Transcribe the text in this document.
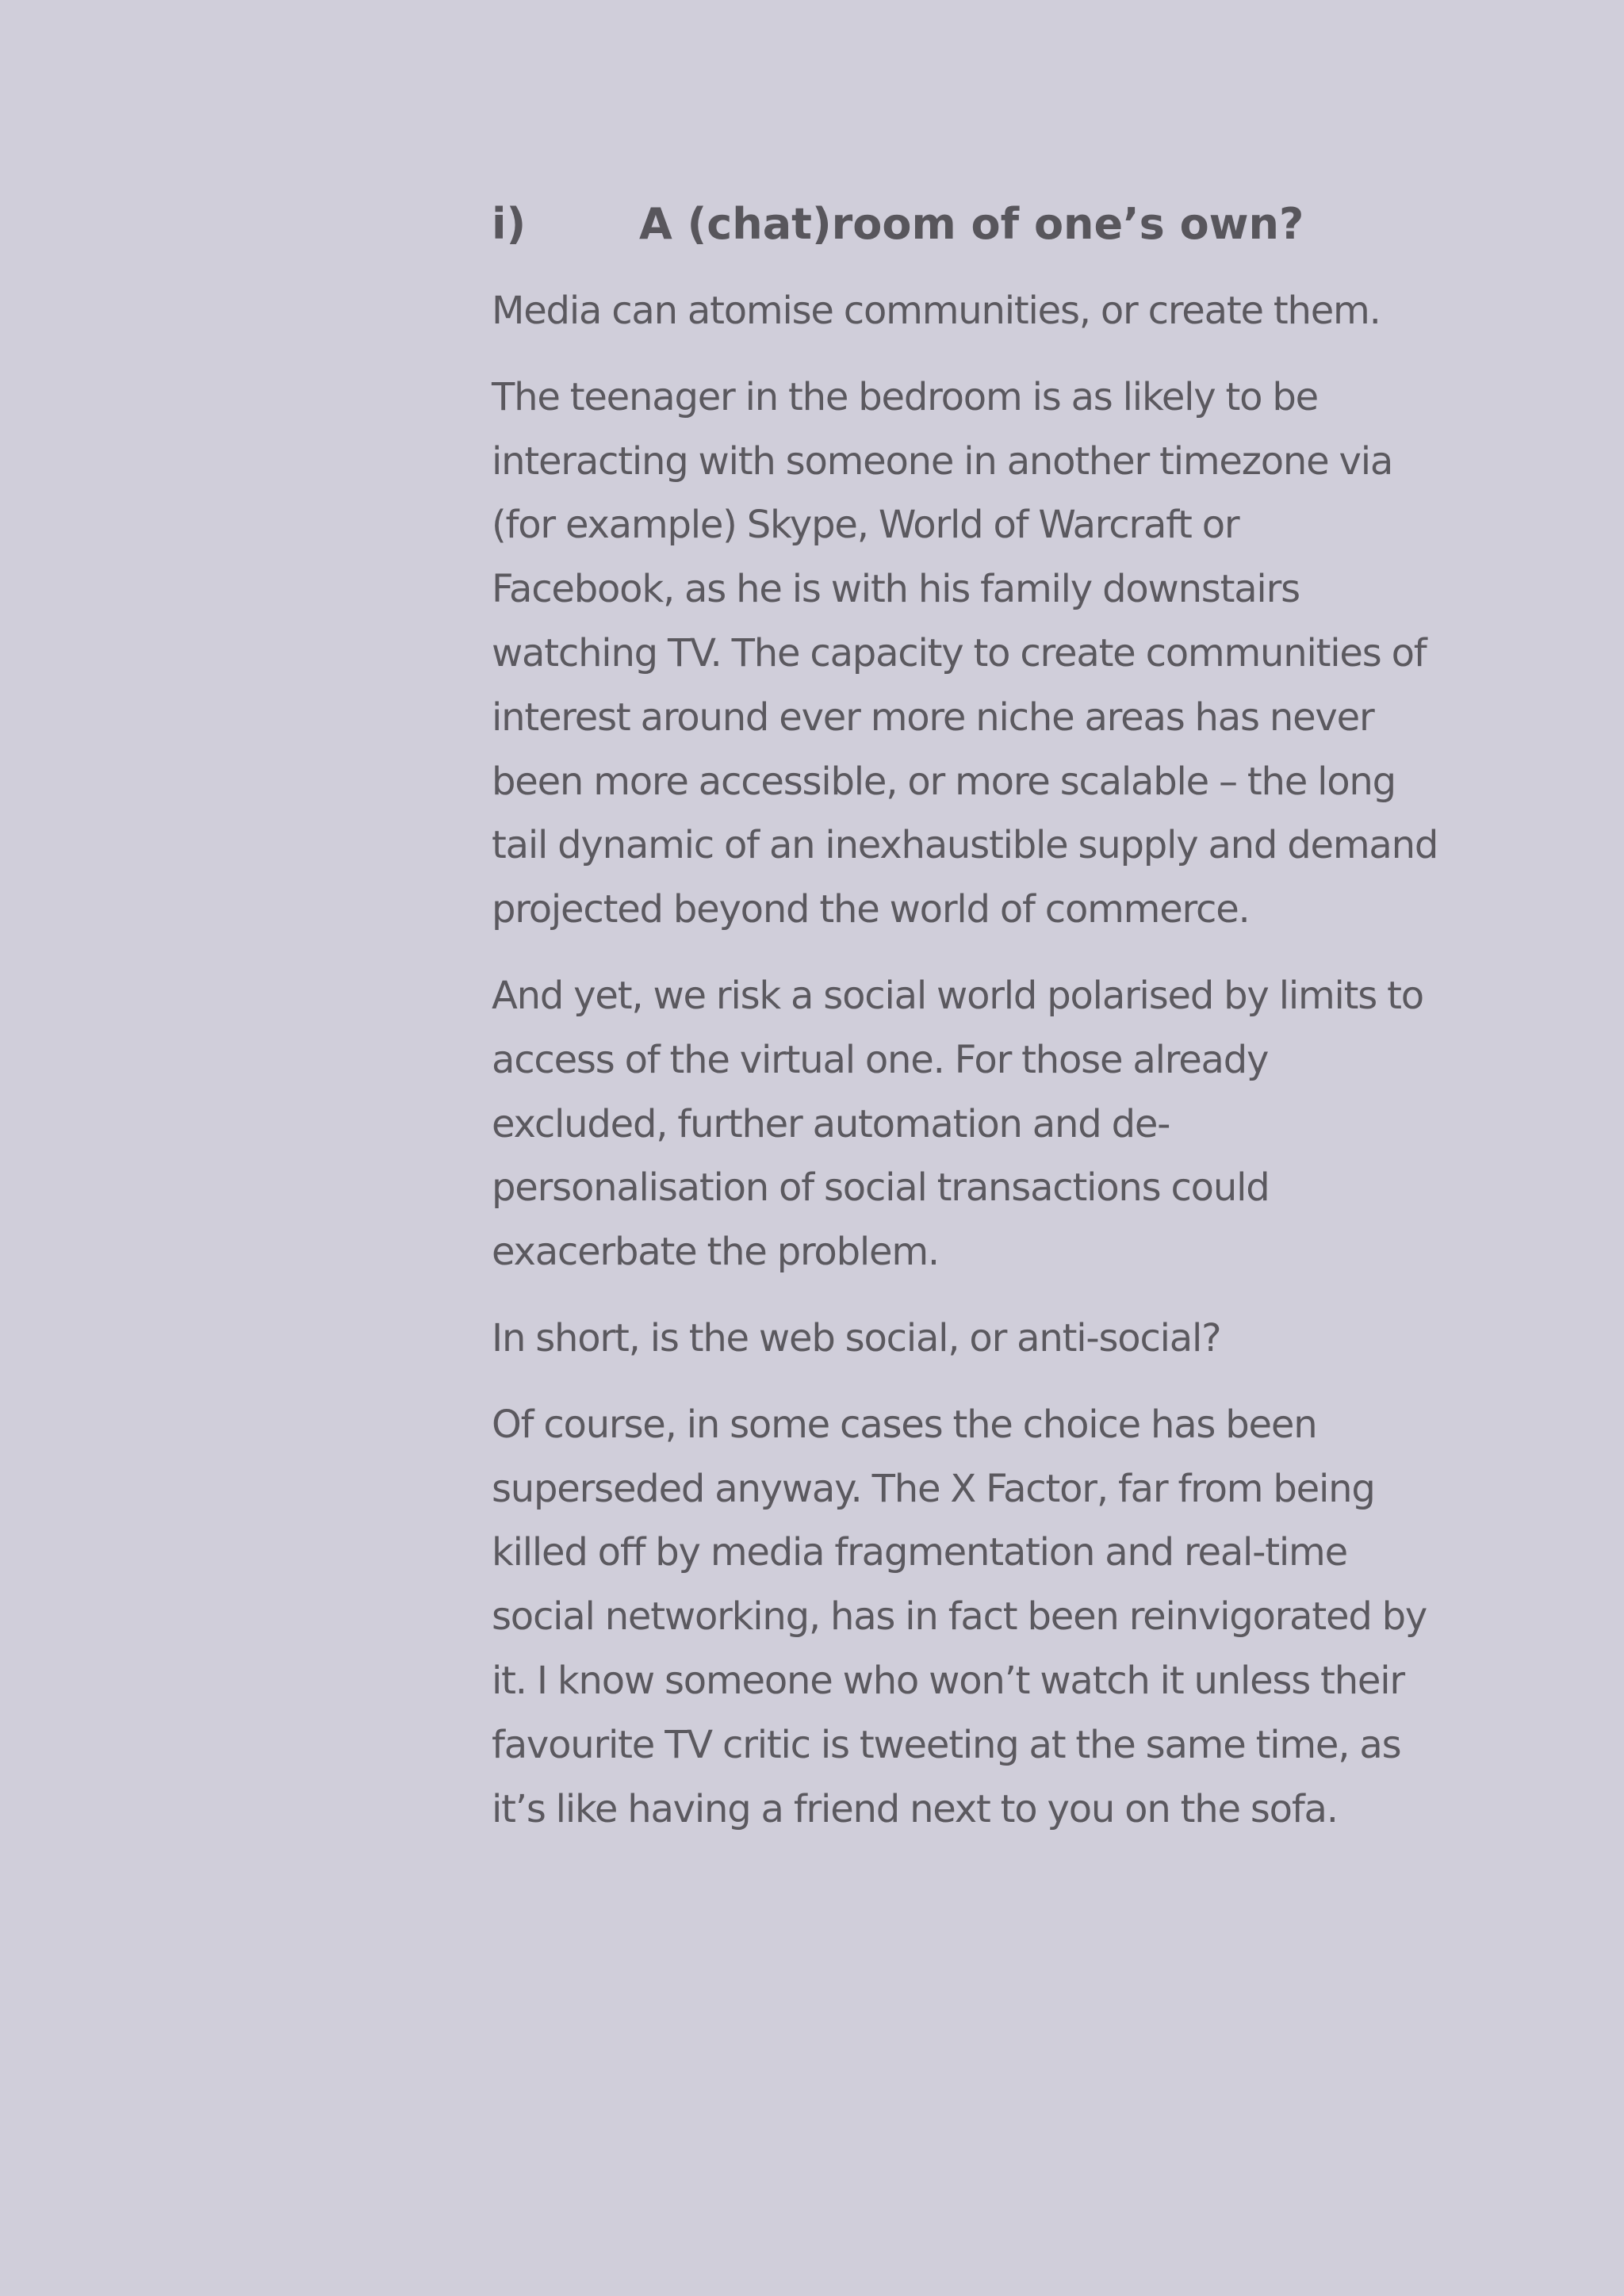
i)	A (chat)room of one’s own?

Media can atomise communities, or create them.

The teenager in the bedroom is as likely to be
interacting with someone in another timezone via
(for example) Skype, World of Warcraft or
Facebook, as he is with his family downstairs
watching TV. The capacity to create communities of
interest around ever more niche areas has never
been more accessible, or more scalable – the long
tail dynamic of an inexhaustible supply and demand
projected beyond the world of commerce.

And yet, we risk a social world polarised by limits to
access of the virtual one. For those already
excluded, further automation and de-
personalisation of social transactions could
exacerbate the problem.

In short, is the web social, or anti-social?

Of course, in some cases the choice has been
superseded anyway. The X Factor, far from being
killed off by media fragmentation and real-time
social networking, has in fact been reinvigorated by
it. I know someone who won’t watch it unless their
favourite TV critic is tweeting at the same time, as
it’s like having a friend next to you on the sofa.
